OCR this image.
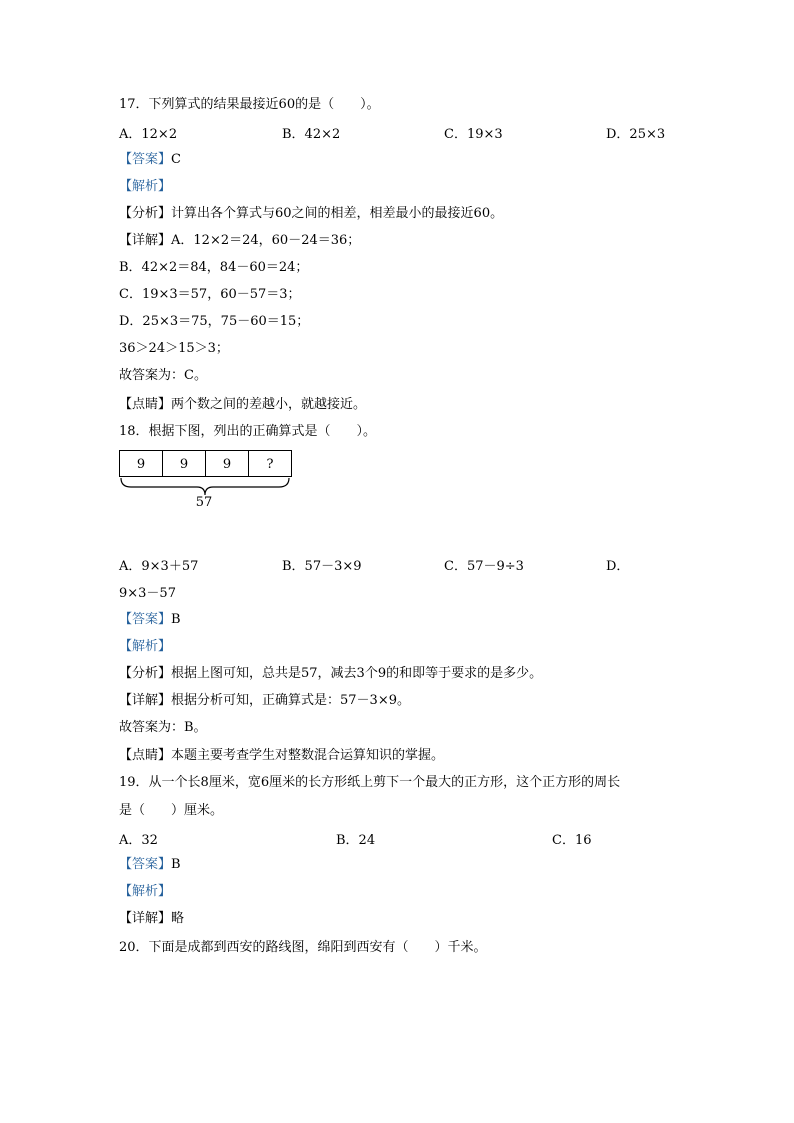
17．下列算式的结果最接近60的是（　　）。
A．12×2	B．42×2	C．19×3	D．25×3
【答案】C
【解析】
【分析】计算出各个算式与60之间的相差，相差最小的最接近60。
【详解】A．12×2＝24，60－24＝36；
B．42×2＝84，84－60＝24；
C．19×3＝57，60－57＝3；
D．25×3＝75，75－60＝15；
36＞24＞15＞3；
故答案为：C。
【点睛】两个数之间的差越小，就越接近。
18．根据下图，列出的正确算式是（　　）。
9	9	9	?
57
A．9×3＋57	B．57－3×9	C．57－9÷3	D．
9×3－57
【答案】B
【解析】
【分析】根据上图可知，总共是57，减去3个9的和即等于要求的是多少。
【详解】根据分析可知，正确算式是：57－3×9。
故答案为：B。
【点睛】本题主要考查学生对整数混合运算知识的掌握。
19．从一个长8厘米，宽6厘米的长方形纸上剪下一个最大的正方形，这个正方形的周长
是（　　）厘米。
A．32	B．24	C．16
【答案】B
【解析】
【详解】略
20．下面是成都到西安的路线图，绵阳到西安有（　　）千米。
